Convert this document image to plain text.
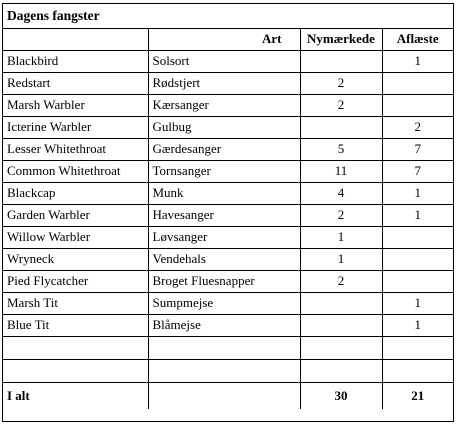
Dagens fangster			
	Art	Nymærkede	Aflæste
Blackbird	Solsort		1
Redstart	Rødstjert	2	
Marsh Warbler	Kærsanger	2	
Icterine Warbler	Gulbug		2
Lesser Whitethroat	Gærdesanger	5	7
Common Whitethroat	Tornsanger	11	7
Blackcap	Munk	4	1
Garden Warbler	Havesanger	2	1
Willow Warbler	Løvsanger	1	
Wryneck	Vendehals	1	
Pied Flycatcher	Broget Fluesnapper	2	
Marsh Tit	Sumpmejse		1
Blue Tit	Blåmejse		1

I alt		30	21
